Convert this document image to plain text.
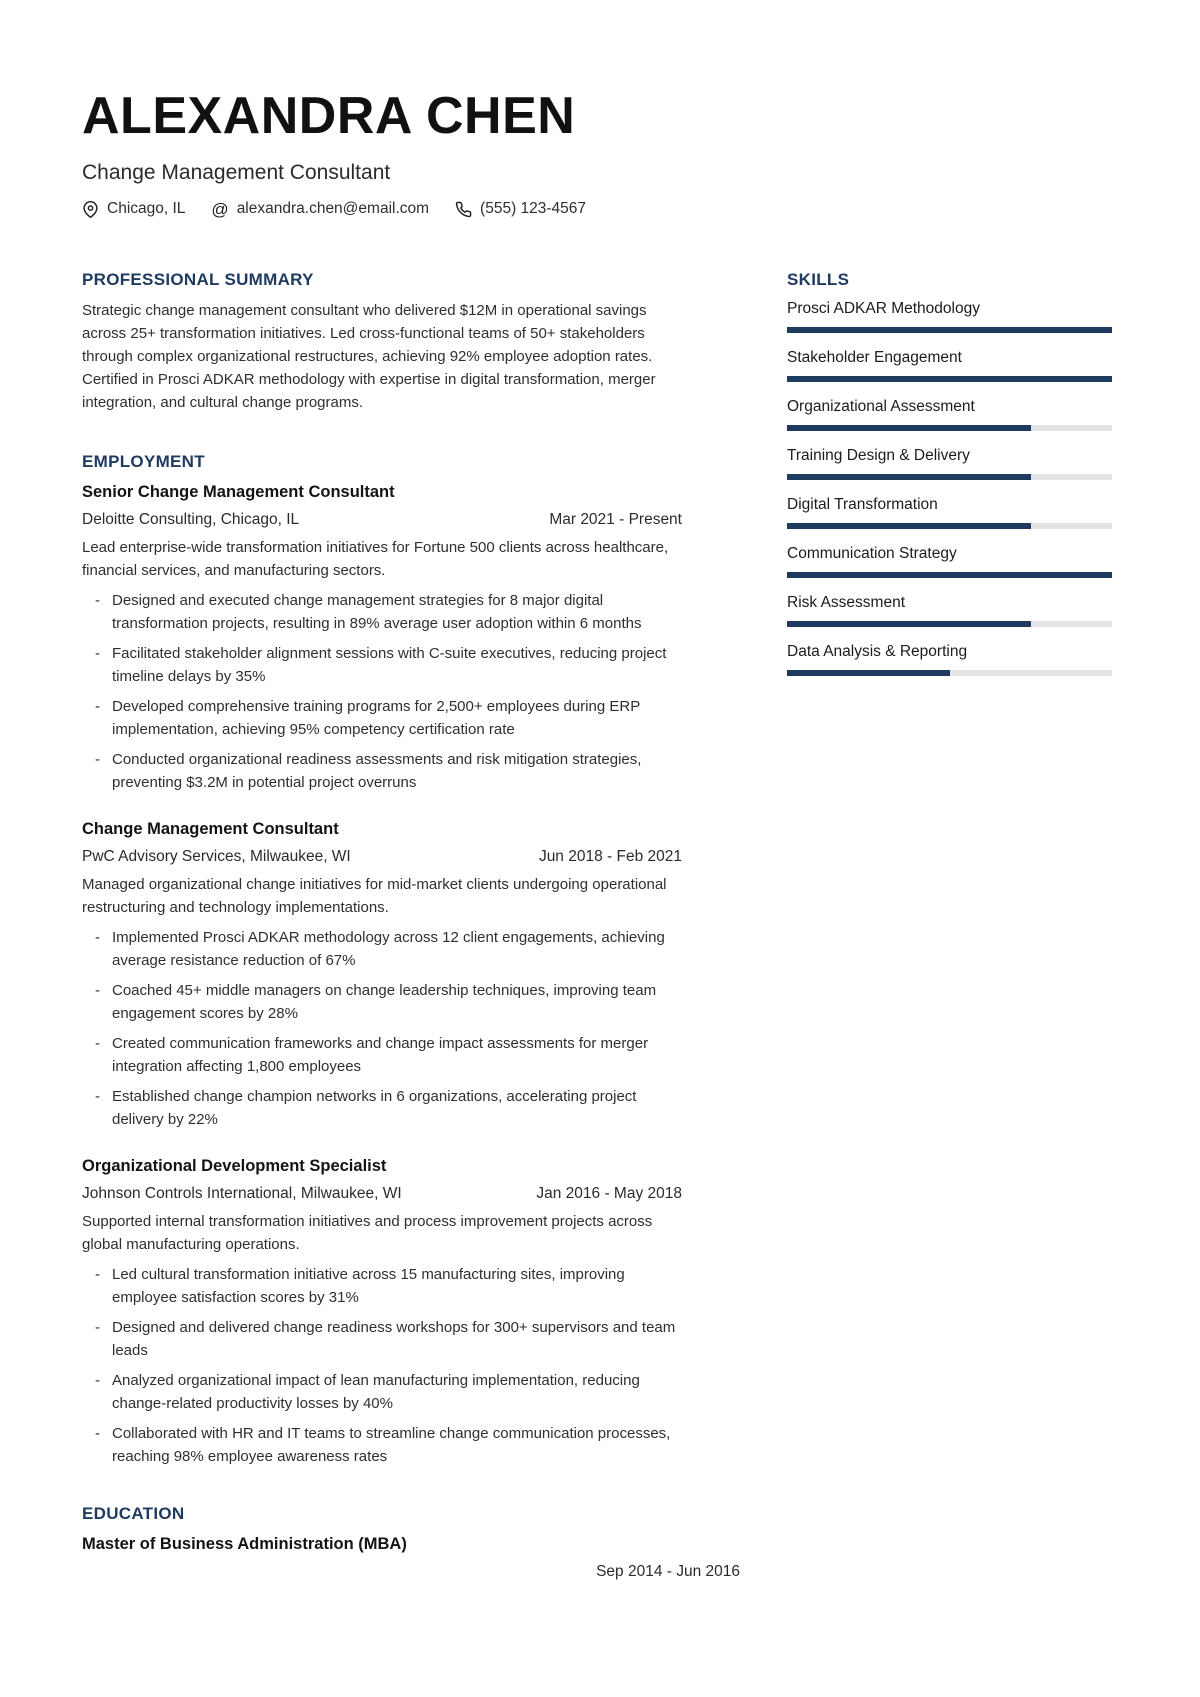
ALEXANDRA CHEN
Change Management Consultant
Chicago, IL @ alexandra.chen@email.com	(555) 123-4567
PROFESSIONAL SUMMARY

Strategic change management consultant who delivered $12M in operational savings across 25+ transformation initiatives. Led cross-functional teams of 50+ stakeholders through complex organizational restructures, achieving 92% employee adoption rates. Certified in Prosci ADKAR methodology with expertise in digital transformation, merger integration, and cultural change programs.

EMPLOYMENT
Senior Change Management Consultant
Deloitte Consulting, Chicago, IL	Mar 2021 - Present

Lead enterprise-wide transformation initiatives for Fortune 500 clients across healthcare, financial services, and manufacturing sectors.

- Designed and executed change management strategies for 8 major digital transformation projects, resulting in 89% average user adoption within 6 months
- Facilitated stakeholder alignment sessions with C-suite executives, reducing project timeline delays by 35%
- Developed comprehensive training programs for 2,500+ employees during ERP implementation, achieving 95% competency certification rate
- Conducted organizational readiness assessments and risk mitigation strategies, preventing $3.2M in potential project overruns
Change Management Consultant
PwC Advisory Services, Milwaukee, WI	Jun 2018 - Feb 2021

Managed organizational change initiatives for mid-market clients undergoing operational restructuring and technology implementations.

- Implemented Prosci ADKAR methodology across 12 client engagements, achieving average resistance reduction of 67%
- Coached 45+ middle managers on change leadership techniques, improving team engagement scores by 28%
- Created communication frameworks and change impact assessments for merger integration affecting 1,800 employees
- Established change champion networks in 6 organizations, accelerating project delivery by 22%
Organizational Development Specialist
Johnson Controls International, Milwaukee, WI	Jan 2016 - May 2018

Supported internal transformation initiatives and process improvement projects across global manufacturing operations.

- Led cultural transformation initiative across 15 manufacturing sites, improving employee satisfaction scores by 31%
- Designed and delivered change readiness workshops for 300+ supervisors and team leads
- Analyzed organizational impact of lean manufacturing implementation, reducing change-related productivity losses by 40%
- Collaborated with HR and IT teams to streamline change communication processes, reaching 98% employee awareness rates
EDUCATION
Master of Business Administration (MBA)
Sep 2014 - Jun 2016
SKILLS
Prosci ADKAR Methodology
Stakeholder Engagement
Organizational Assessment
Training Design & Delivery
Digital Transformation
Communication Strategy
Risk Assessment
Data Analysis & Reporting
